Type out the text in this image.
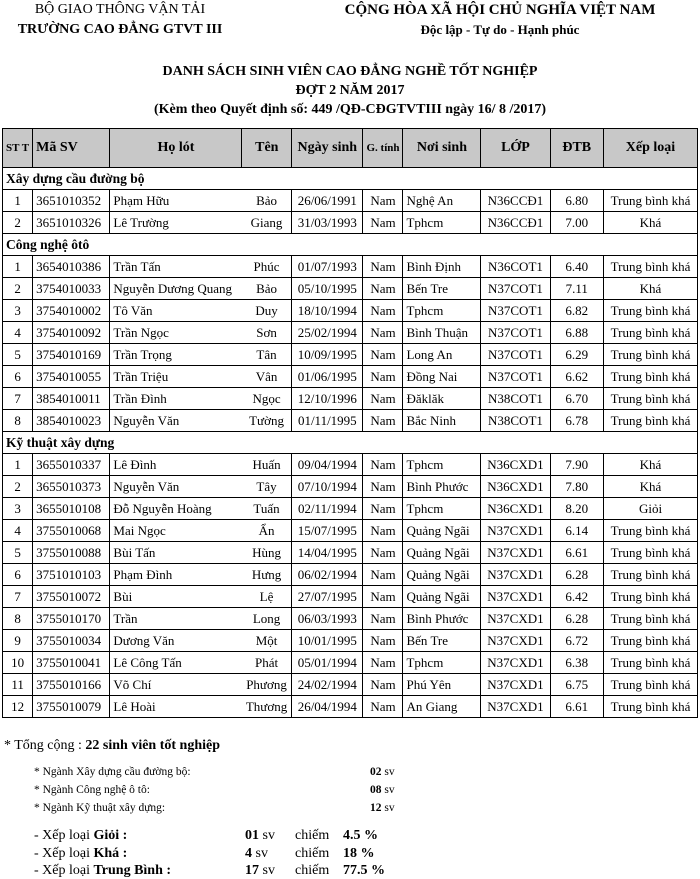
BỘ GIAO THÔNG VẬN TẢI
TRƯỜNG CAO ĐẲNG GTVT III
CỘNG HÒA XÃ HỘI CHỦ NGHĨA VIỆT NAM
Độc lập - Tự do - Hạnh phúc
DANH SÁCH SINH VIÊN CAO ĐẲNG NGHỀ TỐT NGHIỆP
ĐỢT 2 NĂM 2017
(Kèm theo Quyết định số: 449 /QĐ-CĐGTVTIII ngày 16/ 8 /2017)
ST T	Mã SV	Họ lót	Tên	Ngày sinh	G. tính	Nơi sinh	LỚP	ĐTB	Xếp loại
Xây dựng cầu đường bộ									
1	3651010352	Phạm Hữu	Bảo	26/06/1991	Nam	Nghệ An	N36CCĐ1	6.80	Trung bình khá
2	3651010326	Lê Trường	Giang	31/03/1993	Nam	Tphcm	N36CCĐ1	7.00	Khá
Công nghệ ôtô									
1	3654010386	Trần Tấn	Phúc	01/07/1993	Nam	Bình Định	N36COT1	6.40	Trung bình khá
2	3754010033	Nguyễn Dương Quang	Bảo	05/10/1995	Nam	Bến Tre	N37COT1	7.11	Khá
3	3754010002	Tô Văn	Duy	18/10/1994	Nam	Tphcm	N37COT1	6.82	Trung bình khá
4	3754010092	Trần Ngọc	Sơn	25/02/1994	Nam	Bình Thuận	N37COT1	6.88	Trung bình khá
5	3754010169	Trần Trọng	Tân	10/09/1995	Nam	Long An	N37COT1	6.29	Trung bình khá
6	3754010055	Trần Triệu	Vân	01/06/1995	Nam	Đồng Nai	N37COT1	6.62	Trung bình khá
7	3854010011	Trần Đình	Ngọc	12/10/1996	Nam	Đăklăk	N38COT1	6.70	Trung bình khá
8	3854010023	Nguyễn Văn	Tường	01/11/1995	Nam	Bắc Ninh	N38COT1	6.78	Trung bình khá
Kỹ thuật xây dựng									
1	3655010337	Lê Đình	Huấn	09/04/1994	Nam	Tphcm	N36CXD1	7.90	Khá
2	3655010373	Nguyễn Văn	Tây	07/10/1994	Nam	Bình Phước	N36CXD1	7.80	Khá
3	3655010108	Đỗ Nguyễn Hoàng	Tuấn	02/11/1994	Nam	Tphcm	N36CXD1	8.20	Giỏi
4	3755010068	Mai Ngọc	Ẩn	15/07/1995	Nam	Quảng Ngãi	N37CXD1	6.14	Trung bình khá
5	3755010088	Bùi Tấn	Hùng	14/04/1995	Nam	Quảng Ngãi	N37CXD1	6.61	Trung bình khá
6	3751010103	Phạm Đình	Hưng	06/02/1994	Nam	Quảng Ngãi	N37CXD1	6.28	Trung bình khá
7	3755010072	Bùi	Lệ	27/07/1995	Nam	Quảng Ngãi	N37CXD1	6.42	Trung bình khá
8	3755010170	Trần	Long	06/03/1993	Nam	Bình Phước	N37CXD1	6.28	Trung bình khá
9	3755010034	Dương Văn	Một	10/01/1995	Nam	Bến Tre	N37CXD1	6.72	Trung bình khá
10	3755010041	Lê Công Tấn	Phát	05/01/1994	Nam	Tphcm	N37CXD1	6.38	Trung bình khá
11	3755010166	Võ Chí	Phương	24/02/1994	Nam	Phú Yên	N37CXD1	6.75	Trung bình khá
12	3755010079	Lê Hoài	Thương	26/04/1994	Nam	An Giang	N37CXD1	6.61	Trung bình khá
* Tổng cộng : 22 sinh viên tốt nghiệp
* Ngành Xây dựng cầu đường bộ:	02 sv
* Ngành Công nghệ ô tô:	08 sv
* Ngành Kỹ thuật xây dựng:	12 sv
- Xếp loại Giỏi :	01 sv chiếm 4.5 %
- Xếp loại Khá :	4 sv chiếm 18 %
- Xếp loại Trung Bình :	17 sv chiếm 77.5 %
